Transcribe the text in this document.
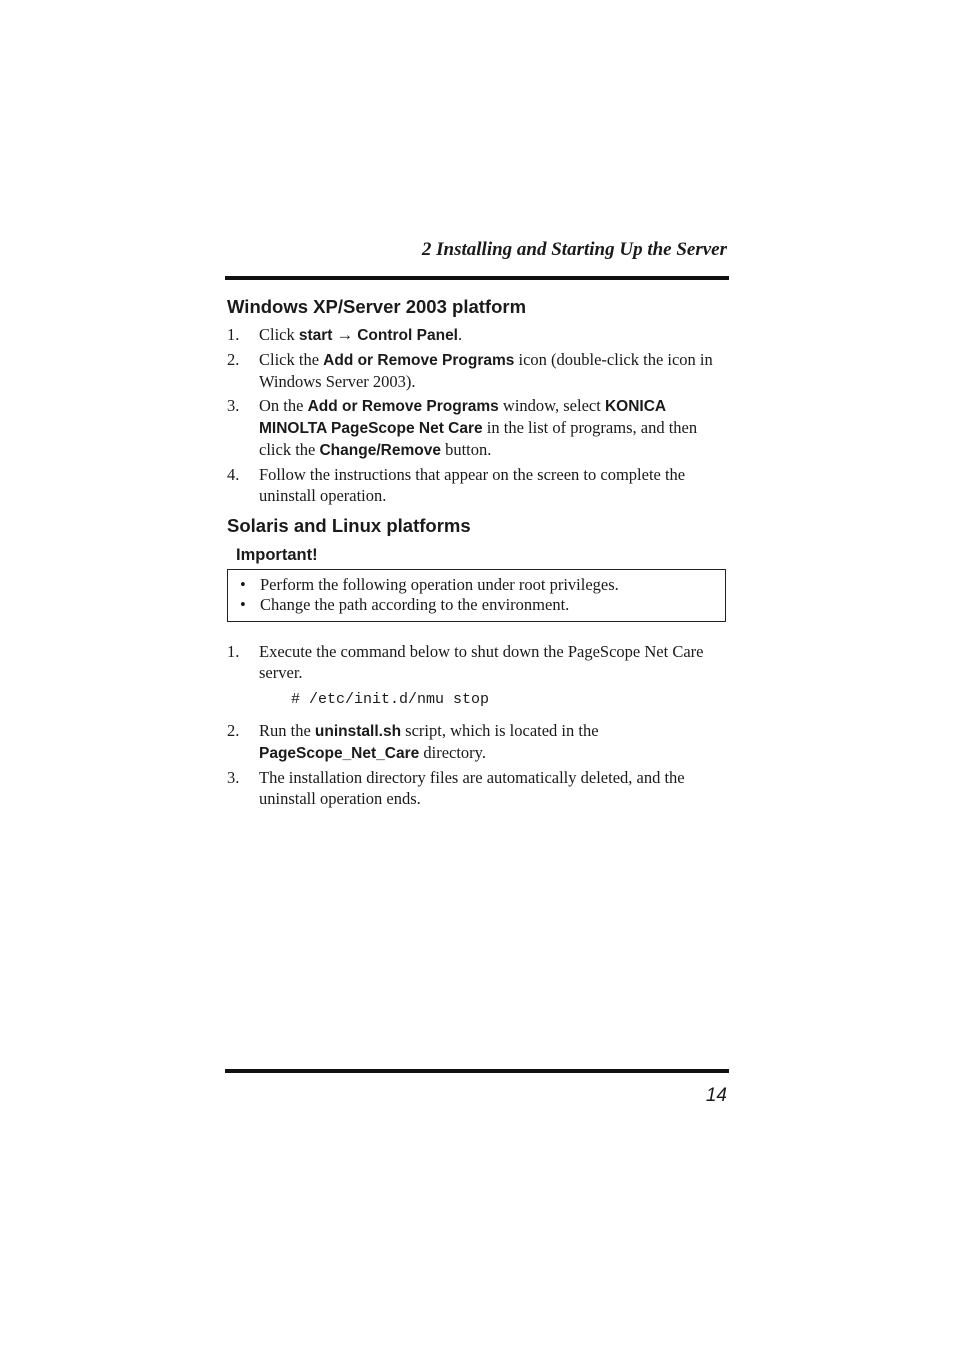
2 Installing and Starting Up the Server
Windows XP/Server 2003 platform
1. Click start → Control Panel.
2. Click the Add or Remove Programs icon (double-click the icon in Windows Server 2003).
3. On the Add or Remove Programs window, select KONICA MINOLTA PageScope Net Care in the list of programs, and then click the Change/Remove button.
4. Follow the instructions that appear on the screen to complete the uninstall operation.
Solaris and Linux platforms
Important!
• Perform the following operation under root privileges.
• Change the path according to the environment.
1. Execute the command below to shut down the PageScope Net Care server.
# /etc/init.d/nmu stop
2. Run the uninstall.sh script, which is located in the PageScope_Net_Care directory.
3. The installation directory files are automatically deleted, and the uninstall operation ends.
14
